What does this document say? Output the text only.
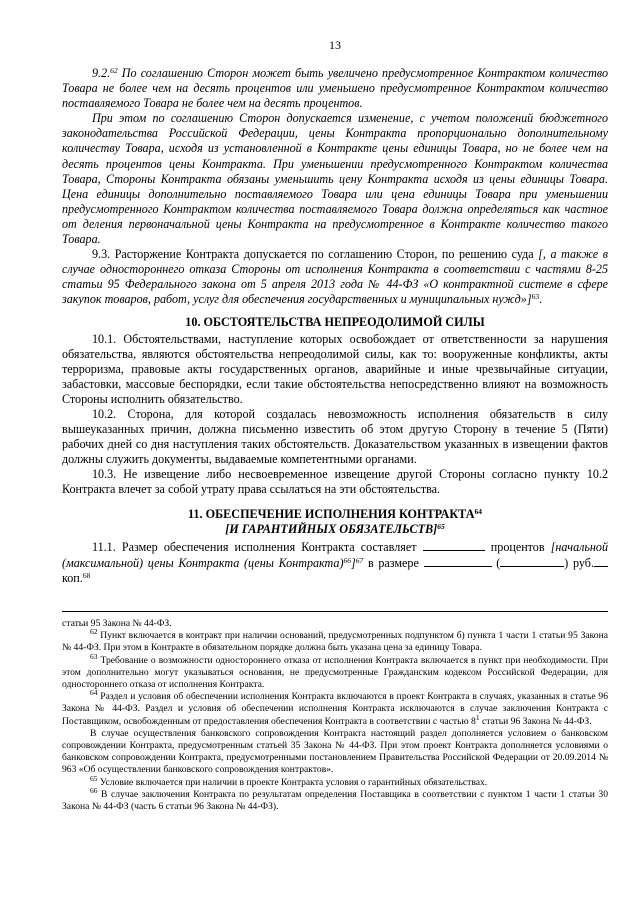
13

9.2.62 По соглашению Сторон может быть увеличено предусмотренное Контрактом количество Товара не более чем на десять процентов или уменьшено предусмотренное Контрактом количество поставляемого Товара не более чем на десять процентов.

При этом по соглашению Сторон допускается изменение, с учетом положений бюджетного законодательства Российской Федерации, цены Контракта пропорционально дополнительному количеству Товара, исходя из установленной в Контракте цены единицы Товара, но не более чем на десять процентов цены Контракта. При уменьшении предусмотренного Контрактом количества Товара, Стороны Контракта обязаны уменьшить цену Контракта исходя из цены единицы Товара. Цена единицы дополнительно поставляемого Товара или цена единицы Товара при уменьшении предусмотренного Контрактом количества поставляемого Товара должна определяться как частное от деления первоначальной цены Контракта на предусмотренное в Контракте количество такого Товара.

9.3. Расторжение Контракта допускается по соглашению Сторон, по решению суда [, а также в случае одностороннего отказа Стороны от исполнения Контракта в соответствии с частями 8-25 статьи 95 Федерального закона от 5 апреля 2013 года № 44-ФЗ «О контрактной системе в сфере закупок товаров, работ, услуг для обеспечения государственных и муниципальных нужд»]$^{63}$.

10. ОБСТОЯТЕЛЬСТВА НЕПРЕОДОЛИМОЙ СИЛЫ

10.1. Обстоятельствами, наступление которых освобождает от ответственности за нарушения обязательства, являются обстоятельства непреодолимой силы, как то: вооруженные конфликты, акты терроризма, правовые акты государственных органов, аварийные и иные чрезвычайные ситуации, забастовки, массовые беспорядки, если такие обстоятельства непосредственно влияют на возможность Стороны исполнить обязательство.

10.2. Сторона, для которой создалась невозможность исполнения обязательств в силу вышеуказанных причин, должна письменно известить об этом другую Сторону в течение 5 (Пяти) рабочих дней со дня наступления таких обстоятельств. Доказательством указанных в извещении фактов должны служить документы, выдаваемые компетентными органами.

10.3. Не извещение либо несвоевременное извещение другой Стороны согласно пункту 10.2 Контракта влечет за собой утрату права ссылаться на эти обстоятельства.

11. ОБЕСПЕЧЕНИЕ ИСПОЛНЕНИЯ КОНТРАКТА$^{64}$
[И ГАРАНТИЙНЫХ ОБЯЗАТЕЛЬСТВ]$^{65}$

11.1. Размер обеспечения исполнения Контракта составляет	процентов [начальной (максимальной) цены Контракта (цены Контракта)$^{66}$]$^{67}$ в размере	(	) руб. коп.$^{68}$

статьи 95 Закона № 44-ФЗ.

$^{62}$ Пункт включается в контракт при наличии оснований, предусмотренных подпунктом б) пункта 1 части 1 статьи 95 Закона № 44-ФЗ. При этом в Контракте в обязательном порядке должна быть указана цена за единицу Товара.

$^{63}$ Требование о возможности одностороннего отказа от исполнения Контракта включается в пункт при необходимости. При этом дополнительно могут указываться основания, не предусмотренные Гражданским кодексом Российской Федерации, для одностороннего отказа от исполнения Контракта.

$^{64}$ Раздел и условия об обеспечении исполнения Контракта включаются в проект Контракта в случаях, указанных в статье 96 Закона № 44-ФЗ. Раздел и условия об обеспечении исполнения Контракта исключаются в случае заключения Контракта с Поставщиком, освобожденным от предоставления обеспечения Контракта в соответствии с частью $8^1$ статьи 96 Закона № 44-ФЗ.

В случае осуществления банковского сопровождения Контракта настоящий раздел дополняется условием о банковском сопровождении Контракта, предусмотренным статьей 35 Закона № 44-ФЗ. При этом проект Контракта дополняется условиями о банковском сопровождении Контракта, предусмотренными постановлением Правительства Российской Федерации от 20.09.2014 № 963 «Об осуществлении банковского сопровождения контрактов».

$^{65}$ Условие включается при наличии в проекте Контракта условия о гарантийных обязательствах.

$^{66}$ В случае заключения Контракта по результатам определения Поставщика в соответствии с пунктом 1 части 1 статьи 30 Закона № 44-ФЗ (часть 6 статьи 96 Закона № 44-ФЗ).
